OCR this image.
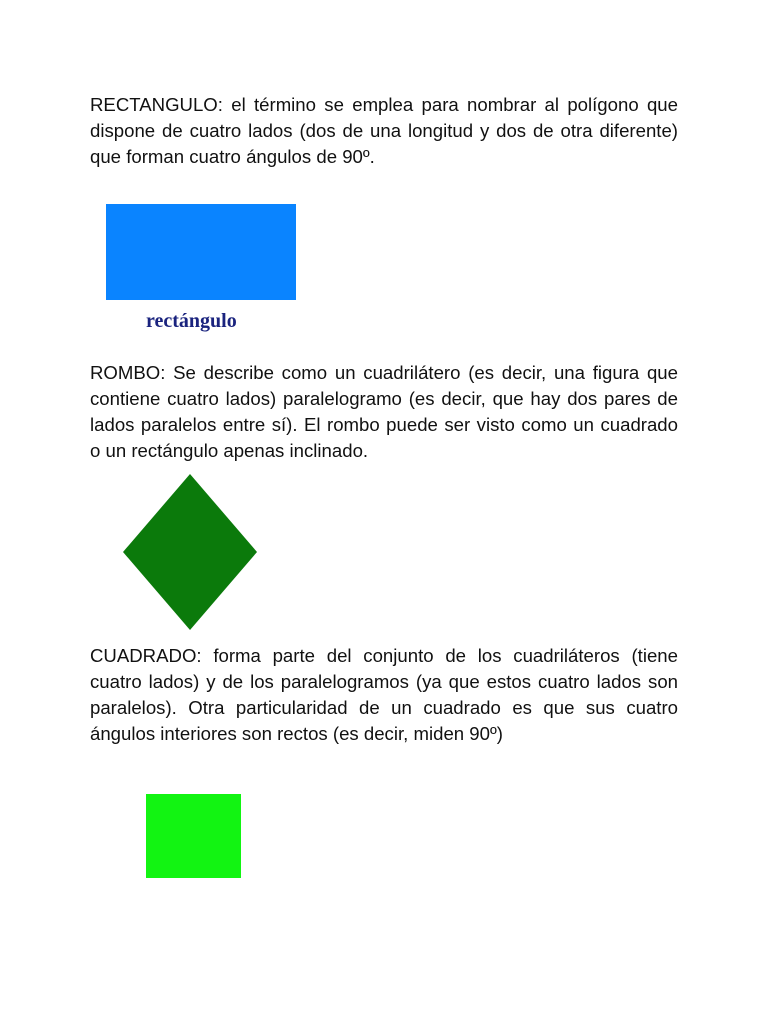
RECTANGULO: el término se emplea para nombrar al polígono que dispone de cuatro lados (dos de una longitud y dos de otra diferente) que forman cuatro ángulos de 90º.

rectángulo

ROMBO: Se describe como un cuadrilátero (es decir, una figura que contiene cuatro lados) paralelogramo (es decir, que hay dos pares de lados paralelos entre sí). El rombo puede ser visto como un cuadrado o un rectángulo apenas inclinado.

CUADRADO: forma parte del conjunto de los cuadriláteros (tiene cuatro lados) y de los paralelogramos (ya que estos cuatro lados son paralelos). Otra particularidad de un cuadrado es que sus cuatro ángulos interiores son rectos (es decir, miden 90º)
